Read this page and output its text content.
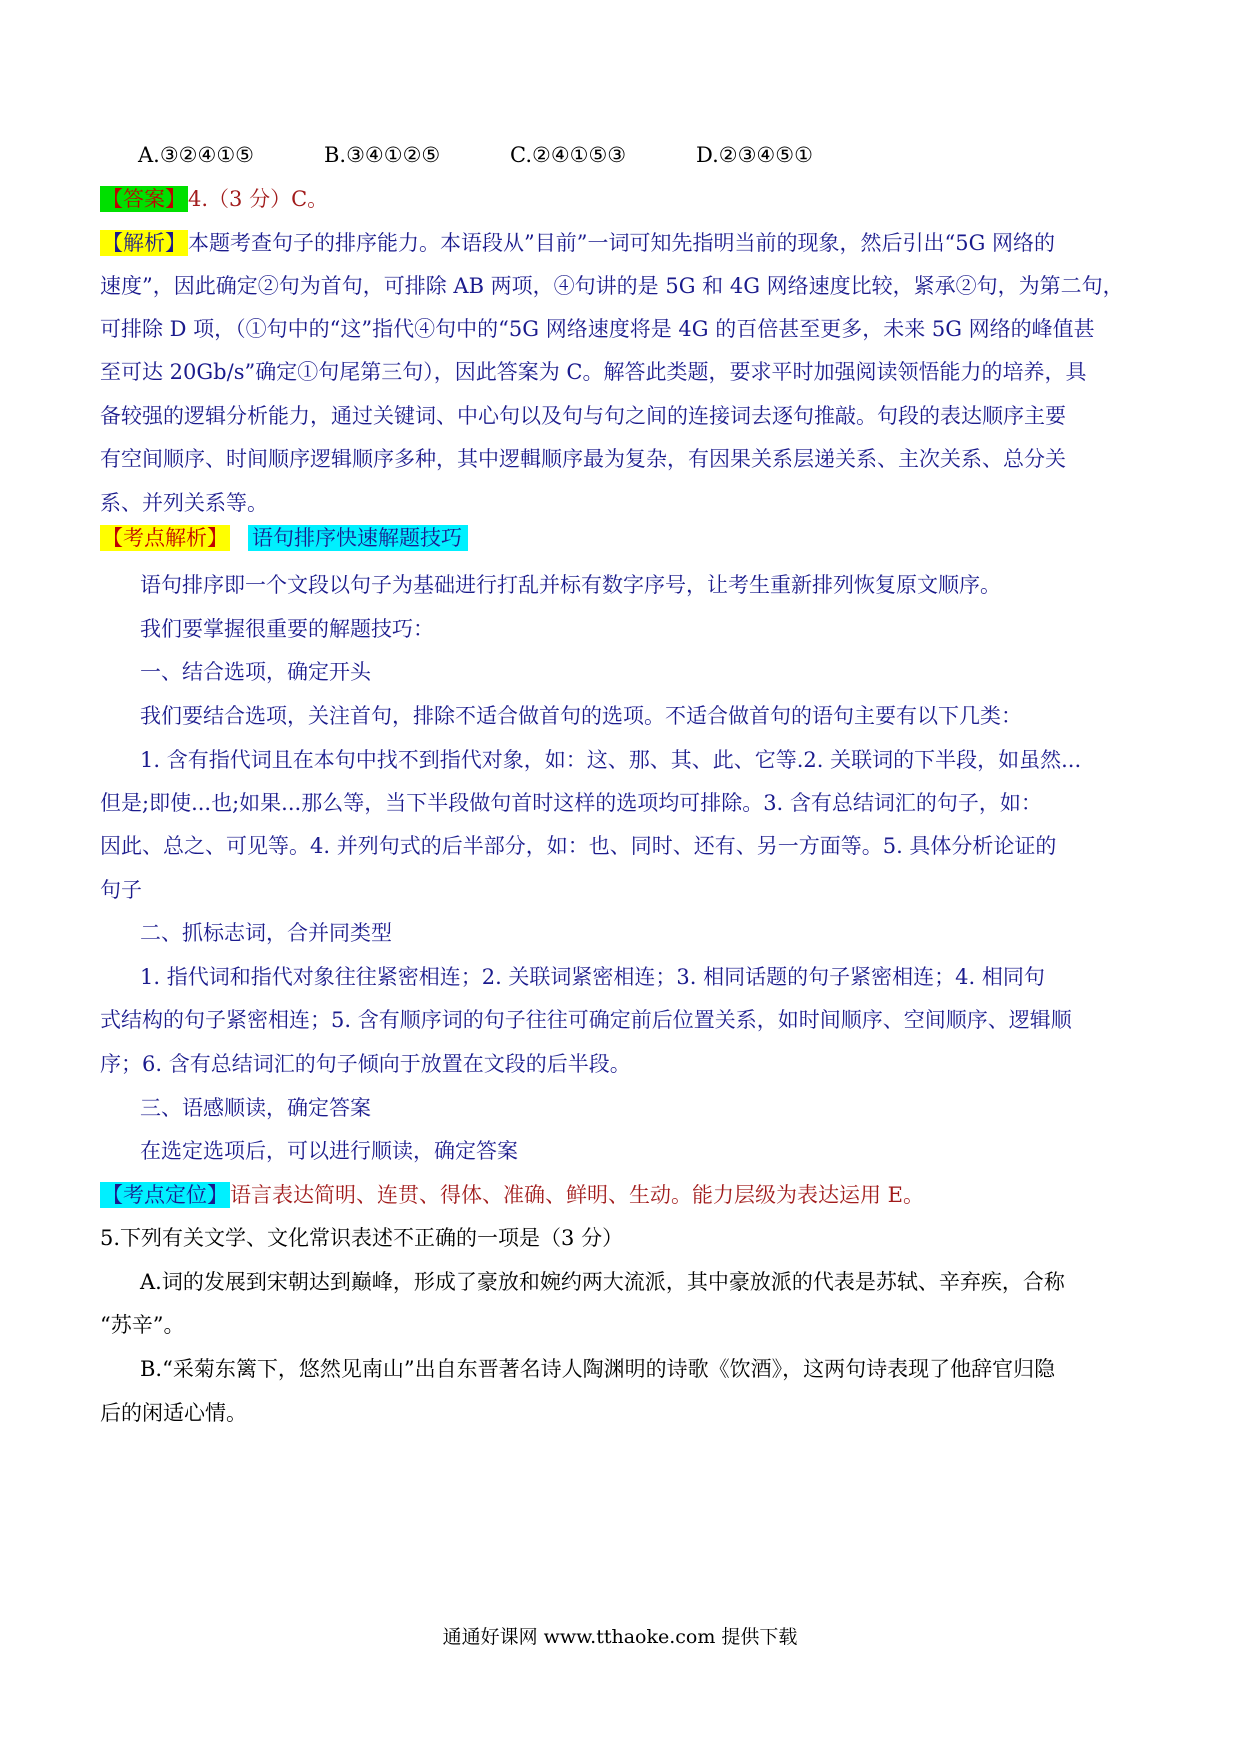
A.③②④①⑤	B.③④①②⑤	C.②④①⑤③	D.②③④⑤①
【答案】4.（3 分）C。
【解析】本题考查句子的排序能力。本语段从”目前”一词可知先指明当前的现象，然后引出“5G 网络的
速度”，因此确定②句为首句，可排除 AB 两项，④句讲的是 5G 和 4G 网络速度比较，紧承②句，为第二句，
可排除 D 项，（①句中的“这”指代④句中的“5G 网络速度将是 4G 的百倍甚至更多，未来 5G 网络的峰值甚
至可达 20Gb/s”确定①句尾第三句），因此答案为 C。解答此类题，要求平时加强阅读领悟能力的培养，具
备较强的逻辑分析能力，通过关键词、中心句以及句与句之间的连接词去逐句推敲。句段的表达顺序主要
有空间顺序、时间顺序逻辑顺序多种，其中逻輯顺序最为复杂，有因果关系层递关系、主次关系、总分关
系、并列关系等。
【考点解析】 语句排序快速解题技巧
语句排序即一个文段以句子为基础进行打乱并标有数字序号，让考生重新排列恢复原文顺序。
我们要掌握很重要的解题技巧：
一、结合选项，确定开头
我们要结合选项，关注首句，排除不适合做首句的选项。不适合做首句的语句主要有以下几类：
1. 含有指代词且在本句中找不到指代对象，如：这、那、其、此、它等.2. 关联词的下半段，如虽然...
但是;即使...也;如果...那么等，当下半段做句首时这样的选项均可排除。3. 含有总结词汇的句子，如：
因此、总之、可见等。4. 并列句式的后半部分，如：也、同时、还有、另一方面等。5. 具体分析论证的
句子
二、抓标志词，合并同类型
1. 指代词和指代对象往往紧密相连；2. 关联词紧密相连；3. 相同话题的句子紧密相连；4. 相同句
式结构的句子紧密相连；5. 含有顺序词的句子往往可确定前后位置关系，如时间顺序、空间顺序、逻辑顺
序；6. 含有总结词汇的句子倾向于放置在文段的后半段。
三、语感顺读，确定答案
在选定选项后，可以进行顺读，确定答案
【考点定位】语言表达简明、连贯、得体、准确、鲜明、生动。能力层级为表达运用 E。
5.下列有关文学、文化常识表述不正确的一项是（3 分）
A.词的发展到宋朝达到巅峰，形成了豪放和婉约两大流派，其中豪放派的代表是苏轼、辛弃疾，合称
“苏辛”。
B.“采菊东篱下，悠然见南山”出自东晋著名诗人陶渊明的诗歌《饮酒》，这两句诗表现了他辞官归隐
后的闲适心情。
通通好课网 www.tthaoke.com 提供下载
